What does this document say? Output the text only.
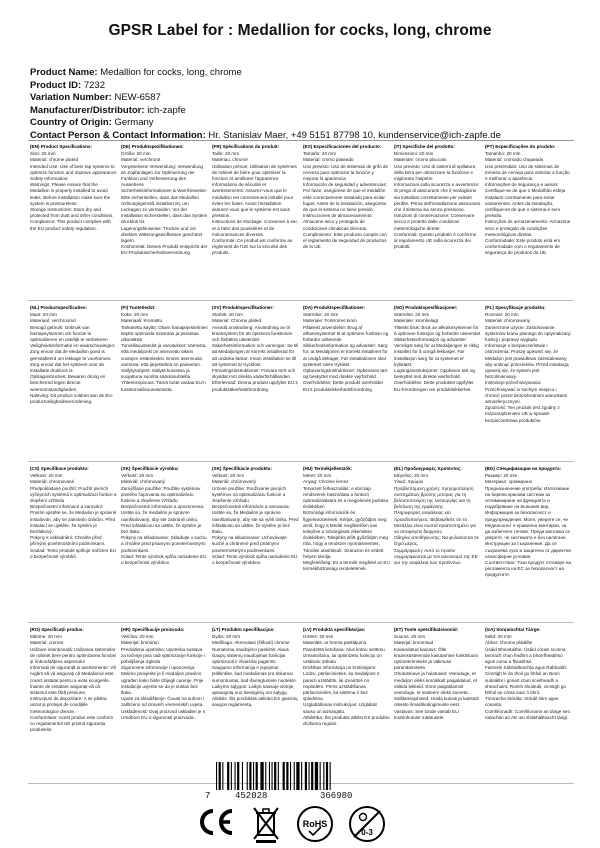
GPSR Label for : Medallion for cocks, long, chrome
Product Name: Medallion for cocks, long, chrome
Product ID: 7232
Variation Number: NEW-6587
Manufacturer/Distributor: ich-zapfe
Country of Origin: Germany
Contact Person & Contact Information: Hr. Stanislav Maer, +49 5151 87798 10, kundenservice@ich-zapfe.de
(EN) Product Specifications:
Size: 20 mm
Material: chrome plated
Intended Use: Use of beer tap systems to optimize function and improve appearance
Safety Information:
Warnings: Please ensure that the Medallion is properly installed to avoid leaks. Before installation make sure the system is pressureless.
Storage Instructions: Store dry and protected from dust and other conditions.
Compliance: This product complies with the EU product safety regulation.
(DE) Produktspezifikationen:
Größe: 20 mm
Material: verchromt
Vorgesehene Verwendung: Verwendung an Zapfanlagen zur Optimierung der Funktion und Verbesserung des Aussehens
Sicherheitsinformationen & Warnhinweise: Bitte sicherstellen, dass das Medaillon ordnungsgemäß installiert ist, um Leckagen zu vermeiden. Vor der Installation sicherstellen, dass das System drucklos ist.
Lagerungshinweise: Trocken und vor direkten Witterungseinflüssen geschützt lagern.
Konformität: Dieses Produkt entspricht der EU-Produktsicherheitsverordnung.
(FR) Spécifications du produit:
Taille: 20 mm
Matériau: chromé
Utilisation prévue: Utilisation de systèmes de robinet de bière pour optimiser la fonction et améliorer l'apparence
Informations de sécurité et avertissements: Assurez-vous que le médaillon est correctement installé pour éviter les fuites. Avant l'installation assurez-vous que le système est sans pression.
Instructions de stockage: Conserver à sec et à l'abri des poussières et de mécontenances diverses.
Conformité: Ce produit est conforme au règlement de l'UE sur la sécurité des produits.
(ES) Especificaciones del producto:
Tamaño: 20 mm
Material: cromo plateado
Uso previsto: Uso de sistemas de grifo de cerveza para optimizar la función y mejorar la apariencia
Información de seguridad y advertencias: Por favor, asegúrese de que el medallón esté correctamente instalado para evitar fugas. Antes de la instalación, asegúrese de que el sistema no tiene presión.
Instrucciones de almacenamiento: Almacene seco y protegido de condiciones climáticas directas.
Cumplimiento: Este producto cumple con el reglamento de seguridad de productos de la UE.
(IT) Specifiche del prodotto:
Dimensioni: 20 mm
Materiale: cromo placcato
Uso previsto: Uso di sistemi di spillatura della birra per ottimizzare la funzione e migliorare l'aspetto
Informazioni sulla sicurezza e avvertenze: Si prega di assicurarsi che il medaglione sia installato correttamente per evitare perdite. Prima dell'installazione assicurarsi che il sistema sia senza pressione.
Istruzioni di conservazione: Conservare secco e protetto dalle condizioni meteorologiche dirette.
Conformità: Questo prodotto è conforme al regolamento UE sulla sicurezza dei prodotti.
(PT) Especificações do produto:
Tamanho: 20 mm
Material: cromado chapeado
Uso pretendido: Uso de sistemas de torneira de cerveja para otimizar a função e melhorar a aparência
Informações de segurança e avisos: Certifique-se de que o Medalhão esteja instalado corretamente para evitar vazamentos. Antes da instalação, certifique-se de que o sistema é sem pressão.
Instruções de armazenamento: Armazene seco e protegido de condições meteorológicas diretas.
Conformidade: Este produto está em conformidade com o regulamento de segurança de produtos da UE.
(NL) Productspecificaties:
Maat: 20 mm
Materiaal: verchroomd
Beoogd gebruik: Gebruik van biertapsystemen om functie te optimaliseren en uiterlijk te verbeteren
Veiligheidsinformatie en waarschuwingen: Zorg ervoor dat de Medaillon goed is geïnstalleerd om lekkage te voorkomen. Zorg ervoor dat het systeem voor de installatie drukloos is.
Opslaginstructies: Bewaren droog en beschermd tegen directe weersomstandigheden.
Naleving: Dit product voldoet aan de EU-productveiligheidsverordening.
(FI) Tuotetiedot:
Koko: 20 mm
Materiaali: Kromattu
Tarkoitettu käyttö: Oluen hanajärjestelmien käyttö optimoida toimintaa ja parantaa ulkonäköä
Turvallisuustiedot ja varoitukset: Varmista, että medaljonki on asennettu oikein vuotojen estämiseksi. Ennen asennusta varmista, että järjestelmä on paineeton.
Säilytysohjeet: Säilytä kuivassa ja suojattuna suorilta sääolosuhteilta.
Yhteensopivuus: Tämä tuote vastaa EU:n tuoteturvallisuusasetusta.
(SV) Produktspecifikationer:
Storlek: 20 mm
Material: Chrome plated
Avsedd användning: Användning av öl kranssystem för att optimera funktionen och förbättra utseendet
Säkerhetsinformation och varningar: Se till att Medaljongen är korrekt installerad för att undvika läckor. Innan installation se till att systemet är trycklöst.
Förvaringsinstruktioner: Förvara torrt och skyddat mot direkta väderförhållanden.
Efterlevnad: Denna produkt uppfyller EU:s produktsäkerhetsförordning.
(DA) Produktspecifikationer:
Størrelse: 20 mm
Materiale: Forkromet krom
Påtænkt anvendelse: Brug af ølhanesystemer til at optimere funktion og forbedre udseende
Sikkerhedsinformation og advarsler: Sørg for, at Medaljonen er korrekt installeret for at undgå lækager. Før installationen skal systemet være trykløst.
Opbevaringsinstruktioner: Opbevares tørt og beskyttet mod direkte vejrforhold.
Overholdelse: Dette produkt overholder EU's produktsikkerhedsforordning.
(NO) Produktspesifikasjoner:
Størrelse: 20 mm
Materiale: krombelagt
Tiltenkt bruk: Bruk av ølkraknsystemer for å optimere funksjon og forbedre utseendet
Sikkerhetsinformasjon og advarsler: Vennligst sørg for at Medaljongen er riktig installert for å unngå lekkasjer. Før installasjon sørg for at systemet er trykkløst.
Lagringsinstruksjoner: Oppbevar tørt og beskyttet mot direkte værforhold.
Overholdelse: Dette produktet oppfyller EU-forordningen om produktsikkerhet.
(PL) Specyfikacje produktu:
Rozmiar: 20 mm
Materiał: chromowany
Zamierzone użycie: Zastosowanie systemów kranu piwnego do optymalizacji funkcji i poprawy wyglądu
Informacje o bezpieczeństwie i ostrzeżenia: Proszę upewnić się, że Medalion jest prawidłowo zainstalowany, aby uniknąć przecieków. Przed instalacją upewnij się, że system jest bezciśnieniowy.
Instrukcje przechowywania: Przechowywać w suchym miejscu i chronić przed bezpośrednimi warunkami atmosferycznymi.
Zgodność: Ten produkt jest zgodny z rozporządzeniem UE w sprawie bezpieczeństwa produktów.
(CS) Specifikace produktu:
Velikost: 20 mm
Materiál: chromované
Předpokládané použití: Použití pivních výčepních systémů k optimalizaci funkce a zlepšení vzhledu
Bezpečnostní informace a varování: Prosím ujistěte se, že Medailon je správně instalován, aby se zabránilo únikům. Před instalací se ujistěte, že systém je beztlakový.
Pokyny k uskladnění: Chraňte před přímými povětrnostními podmínkami.
Soulad: Tento produkt splňuje nařízení EU o bezpečnosti výrobků.
(SK) Špecifikácie výrobku:
Veľkosť: 20 mm
Materiál: chrómovaný
Zamýšľané použitie: Použitie systémov pivného čapovania na optimalizáciu funkcie a zlepšenie vzhľadu
Bezpečnostné informácie a upozornenia: Uistite sa, že medailón je správne nainštalovaný, aby ste zabránili úniku. Pred inštaláciou sa uistite, že systém je bez tlaku.
Pokyny na skladovanie: Skladujte v suchu a chráňte pred priamymi poveternostnými podmienkami.
Súlad: Tento výrobok spĺňa nariadenie EÚ o bezpečnosti výrobkov.
(SK) Špecifikácie produktu:
Veľkosť: 20 mm
Materiál: chrómovaný
Určené použitie: Používanie pivných systémov na optimalizáciu funkcie a zlepšenie vzhľadu
Bezpečnostné informácie a varovania: Uistite sa, že Medailón je správne nainštalovaný, aby ste sa vyhli úniku. Pred inštaláciou sa uistite, že systém je bez tlaku.
Pokyny na skladovanie: Uchovávajte suché a chránené pred priamymi poveternostnými podmienkami.
Súlad: Tento výrobok spĺňa nariadenie EÚ o bezpečnosti výrobkov.
(HU) Termékjellemzők:
Méret: 20 mm
Anyag: Chrome lemez
Tervezett felhasználás: A sörcsap rendszerek használata a funkció optimalizálására és a megjelenés javítása érdekében
Biztonsági információk és figyelmeztetések: Kérjük, győződjön meg arról, hogy a Medál megfelelően van telepítve a szivárgások elkerülése érdekében. Telepítés előtt győződjön meg róla, hogy a rendszer nyomásmentes.
Tárolási utasítások: Szárazon és védett helyen tárolja.
Megfelelőség: Ez a termék megfelel az EU termékbiztonsági rendeletének.
(EL) Προδιαγραφές προϊόντος:
Μέγεθος: 20 mm
Υλικό: Χρώμιο
Προβλεπόμενη χρήση: Χρησιμοποίηση συστημάτων βρύσης μπύρας για τη βελτιστοποίηση της λειτουργίας και τη βελτίωση της εμφάνισης
Πληροφορίες ασφάλειας και προειδοποιήσεις: Βεβαιωθείτε ότι το Μετάλλιο είναι σωστά εγκατεστημένο για να αποφύγετε διαρροές.
Οδηγίες αποθήκευσης: Να φυλάσσεται σε ξηρό μέρος.
Συμμόρφωση: Αυτό το προϊόν συμμορφώνεται με τον κανονισμό της ΕΕ για την ασφάλεια των προϊόντων.
(BG) Спецификации на продукта:
Размер: 20 mm
Материал: хромирано
Предназначение употреба: Използване на бирени кранови системи за оптимизиране на функцията и подобряване на външния вид
Информация за безопасност и предупреждения: Моля, уверете се, че Медальонът е правилно монтиран, за да избегнете течове. Преди монтажа се уверете, че системата е без налягане.
Инструкции за съхранение: Да се съхранява сухо и защитено от директни атмосферни условия.
Съответствие: Този продукт отговаря на регламента на ЕС за безопасност на продуктите.
(RO) Specificații produs:
Mărime: 20 mm
Material: cromat
Utilizare intenționată: Utilizarea sistemelor de robinet bere pentru optimizarea funcției și îmbunătățirea aspectului
Informații de siguranță și avertismente: Vă rugăm să vă asigurați că Medalionul este corect instalat pentru a evita scurgerile. Înainte de instalare asigurați-vă că sistemul este fără presiune.
Instrucțiuni de depozitare: A se păstra uscat și protejat de condițiile meteorologice directe.
Conformitate: Acest produs este conform cu regulamentul UE privind siguranța produselor.
(HR) Specifikacije proizvoda:
Veličina: 20 mm
Materijal: kromiran
Predviđena upotreba: Upotreba sustava za točenje piva radi optimizacije funkcije i poboljšanja izgleda
Sigurnosne informacije i upozorenja: Molimo provjerite je li medaljon pravilno ugrađen kako biste izbjegli curenje. Prije instalacije uvjerite se da je sustav bez tlaka.
Upute za skladištenje: Čuvati na suhom i zaštićeno od izravnih vremenskih uvjeta.
Usklađenost: Ovaj proizvod usklađen je s Uredbom EU o sigurnosti proizvoda.
(LT) Produkto specifikacijos:
Dydis: 20 mm
Medžiaga: Akrevutasi (šlifuoti) chrome
Numatoma naudojimo paskirtis: Alaus čiaupų sistemų naudojimas funkcijai optimizuoti ir išvaizdai pagerinti
Saugumo informacija ir įspėjimai: Įsitikinkite, kad medalionas yra tinkamai sumontuotas, kad išvengtumėte nuotėkio.
Laikymo sąlygos: Laikyti sausoje vietoje, apsaugotą nuo tiesioginių oro sąlygų.
Atitiktis: Šis produktas atitinka ES gaminių saugos reglamentą.
(LV) Produkta specifikācijas:
Izmērs: 20 mm
Materiāls: ar hroma pārklājumu
Paredzētā lietošana: Alus krānu sistēmu izmantošana, lai optimizētu funkciju un uzlabotu izskatu
Drošības informācija un brīdinājumi: Lūdzu, pārliecinieties, ka medaljons ir pareizi uzstādīts, lai izvairītos no noplūdēm. Pirms uzstādīšanas pārliecinieties, ka sistēma ir bez spiediena.
Uzglabāšanas instrukcijas: Uzglabāt sausu un aizsargātu.
Atbilstība: Šis produkts atbilst ES produktu drošuma regulai.
(ET) Toote spetsifikatsioonid:
Suurus: 20 mm
Materjal: kroomitud
Kavandatud kasutus: Õlle kraanisüsteemide kasutamine funktsiooni optimeerimiseks ja välimuse parandamiseks
Ohutusteave ja hoiatused: Veenduge, et medaljon oleks korralikult paigaldatud, et vältida lekkeid. Enne paigaldamist veenduge, et süsteem oleks surveta.
Säilitamisjuhised: Hoida kuivas ja kaitstult otseste ilmastikutingimuste eest.
Vastavus: See toode vastab ELi tooteohutuse määrusele.
(GA) Sonraíochtaí Táirge:
Méid: 20 mm
Ábhar: chrome plátáilte
Úsáid Bheartaithe: Úsáid córais sconna beorach chun feidhm a bharrfheabhsú agus cuma a fheabhsú
Faisnéis Sábháilteachta agus Rabhaidh: Cinntigh le do thoil go bhfuil an Bonn suiteáilte i gceart chun sceitheadh a sheachaint. Roimh shuiteáil, cinntigh go bhfuil an córas saor ó bhrú.
Treoracha Stórála: Stóráil tirim agus cosanta.
Comhlíonadh: Comhlíonann an táirge seo rialachán an AE um shábháilteacht táirgí.
7	452028	366980
RoHS
0-3
